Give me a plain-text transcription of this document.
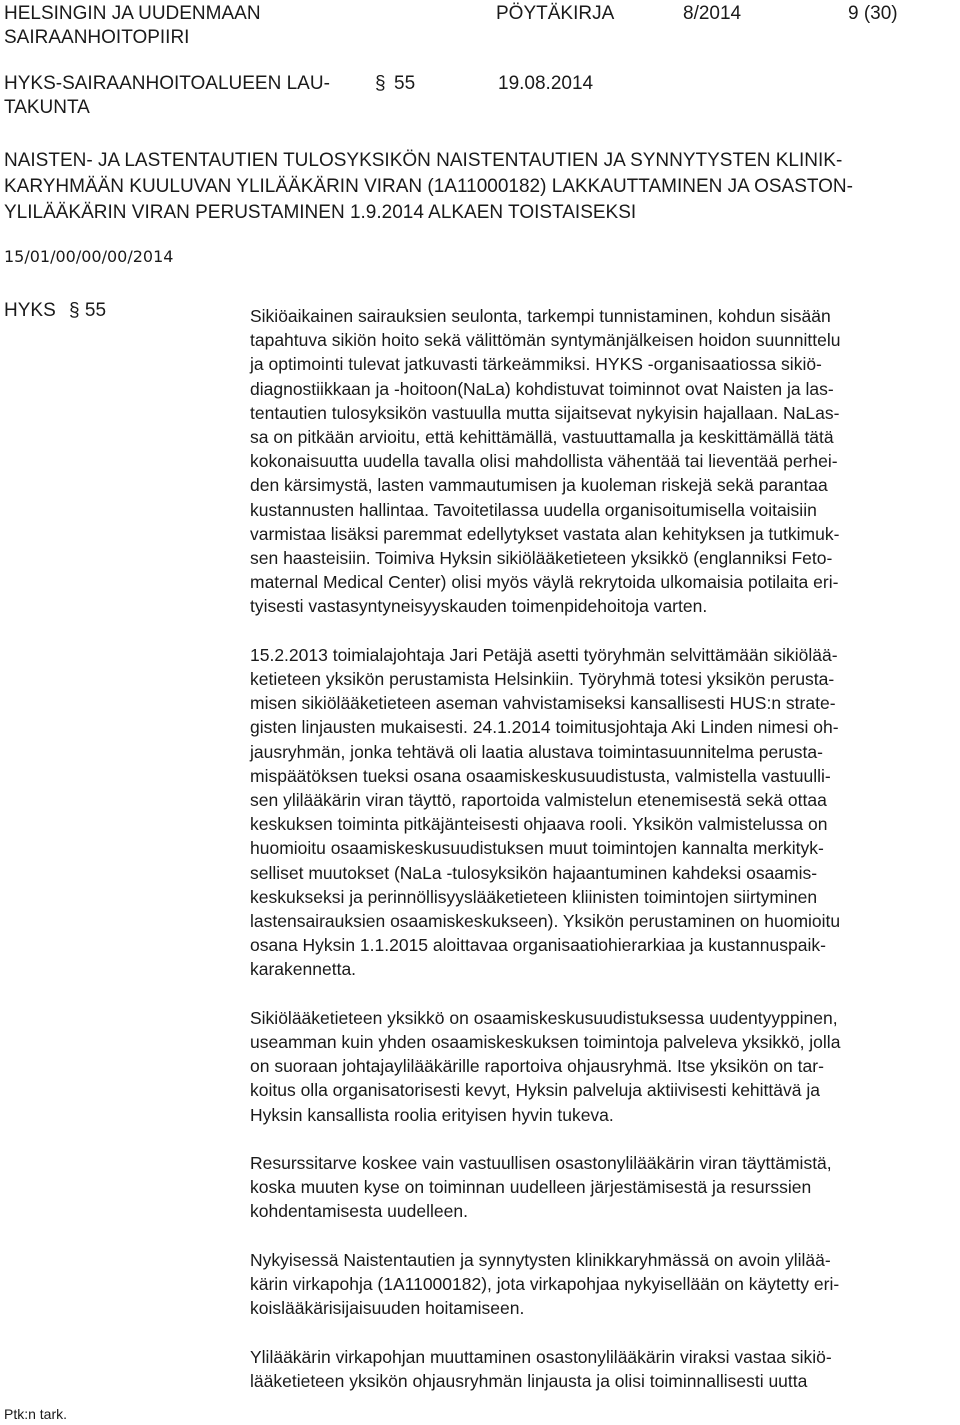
HELSINGIN JA UUDENMAAN SAIRAANHOITOPIIRI
PÖYTÄKIRJA	8/2014	9 (30)
HYKS-SAIRAANHOITOALUEEN LAU-TAKUNTA
§ 55	19.08.2014
NAISTEN- JA LASTENTAUTIEN TULOSYKSIKÖN NAISTENTAUTIEN JA SYNNYTYSTEN KLINIK-
KARYHMÄÄN KUULUVAN YLILÄÄKÄRIN VIRAN (1A11000182) LAKKAUTTAMINEN JA OSASTON-
YLILÄÄKÄRIN VIRAN PERUSTAMINEN 1.9.2014 ALKAEN TOISTAISEKSI
15/01/00/00/00/2014
HYKS § 55	Sikiöaikainen sairauksien seulonta, tarkempi tunnistaminen, kohdun sisään
tapahtuva sikiön hoito sekä välittömän syntymänjälkeisen hoidon suunnittelu
ja optimointi tulevat jatkuvasti tärkeämmiksi. HYKS -organisaatiossa sikiö-
diagnostiikkaan ja -hoitoon(NaLa) kohdistuvat toiminnot ovat Naisten ja las-
tentautien tulosyksikön vastuulla mutta sijaitsevat nykyisin hajallaan. NaLas-
sa on pitkään arvioitu, että kehittämällä, vastuuttamalla ja keskittämällä tätä
kokonaisuutta uudella tavalla olisi mahdollista vähentää tai lieventää perhei-
den kärsimystä, lasten vammautumisen ja kuoleman riskejä sekä parantaa
kustannusten hallintaa. Tavoitetilassa uudella organisoitumisella voitaisiin
varmistaa lisäksi paremmat edellytykset vastata alan kehityksen ja tutkimuk-
sen haasteisiin. Toimiva Hyksin sikiölääketieteen yksikkö (englanniksi Feto-
maternal Medical Center) olisi myös väylä rekrytoida ulkomaisia potilaita eri-
tyisesti vastasyntyneisyyskauden toimenpidehoitoja varten.

15.2.2013 toimialajohtaja Jari Petäjä asetti työryhmän selvittämään sikiölää-
ketieteen yksikön perustamista Helsinkiin. Työryhmä totesi yksikön perusta-
misen sikiölääketieteen aseman vahvistamiseksi kansallisesti HUS:n strate-
gisten linjausten mukaisesti. 24.1.2014 toimitusjohtaja Aki Linden nimesi oh-
jausryhmän, jonka tehtävä oli laatia alustava toimintasuunnitelma perusta-
mispäätöksen tueksi osana osaamiskeskusuudistusta, valmistella vastuulli-
sen ylilääkärin viran täyttö, raportoida valmistelun etenemisestä sekä ottaa
keskuksen toiminta pitkäjänteisesti ohjaava rooli. Yksikön valmistelussa on
huomioitu osaamiskeskusuudistuksen muut toimintojen kannalta merkityk-
selliset muutokset (NaLa -tulosyksikön hajaantuminen kahdeksi osaamis-
keskukseksi ja perinnöllisyyslääketieteen kliinisten toimintojen siirtyminen
lastensairauksien osaamiskeskukseen). Yksikön perustaminen on huomioitu
osana Hyksin 1.1.2015 aloittavaa organisaatiohierarkiaa ja kustannuspaik-
karakennetta.

Sikiölääketieteen yksikkö on osaamiskeskusuudistuksessa uudentyyppinen,
useamman kuin yhden osaamiskeskuksen toimintoja palveleva yksikkö, jolla
on suoraan johtajaylilääkärille raportoiva ohjausryhmä. Itse yksikön on tar-
koitus olla organisatorisesti kevyt, Hyksin palveluja aktiivisesti kehittävä ja
Hyksin kansallista roolia erityisen hyvin tukeva.

Resurssitarve koskee vain vastuullisen osastonylilääkärin viran täyttämistä,
koska muuten kyse on toiminnan uudelleen järjestämisestä ja resurssien
kohdentamisesta uudelleen.

Nykyisessä Naistentautien ja synnytysten klinikkaryhmässä on avoin ylilää-
kärin virkapohja (1A11000182), jota virkapohjaa nykyisellään on käytetty eri-
koislääkärisijaisuuden hoitamiseen.

Ylilääkärin virkapohjan muuttaminen osastonylilääkärin viraksi vastaa sikiö-
lääketieteen yksikön ohjausryhmän linjausta ja olisi toiminnallisesti uutta

Ptk:n tark.
